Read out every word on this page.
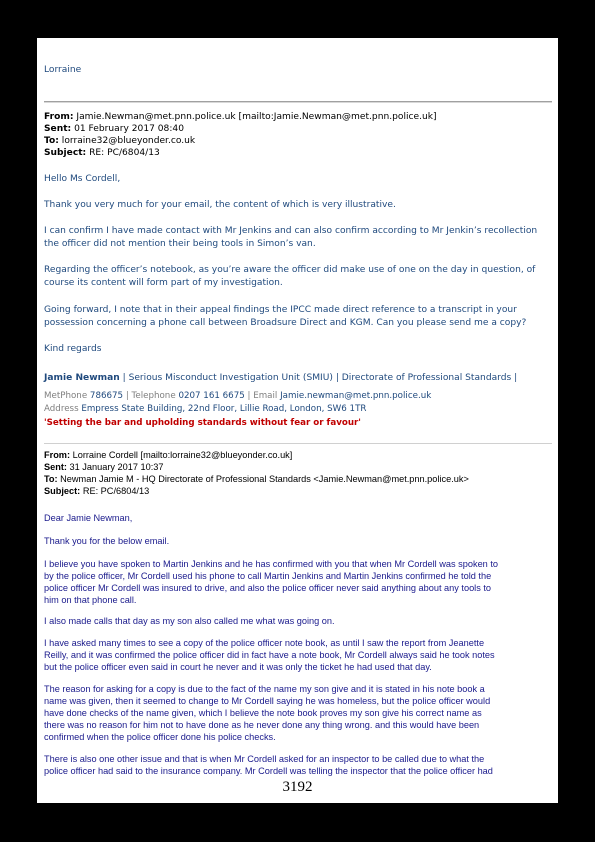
Lorraine
From: Jamie.Newman@met.pnn.police.uk [mailto:Jamie.Newman@met.pnn.police.uk]
Sent: 01 February 2017 08:40
To: lorraine32@blueyonder.co.uk
Subject: RE: PC/6804/13
Hello Ms Cordell,
Thank you very much for your email, the content of which is very illustrative.
I can confirm I have made contact with Mr Jenkins and can also confirm according to Mr Jenkin’s recollection
the officer did not mention their being tools in Simon’s van.
Regarding the officer’s notebook, as you’re aware the officer did make use of one on the day in question, of
course its content will form part of my investigation.
Going forward, I note that in their appeal findings the IPCC made direct reference to a transcript in your
possession concerning a phone call between Broadsure Direct and KGM. Can you please send me a copy?
Kind regards
Jamie Newman | Serious Misconduct Investigation Unit (SMIU) | Directorate of Professional Standards |
MetPhone 786675 | Telephone 0207 161 6675 | Email Jamie.newman@met.pnn.police.uk
Address Empress State Building, 22nd Floor, Lillie Road, London, SW6 1TR
'Setting the bar and upholding standards without fear or favour'
From: Lorraine Cordell [mailto:lorraine32@blueyonder.co.uk]
Sent: 31 January 2017 10:37
To: Newman Jamie M - HQ Directorate of Professional Standards <Jamie.Newman@met.pnn.police.uk>
Subject: RE: PC/6804/13
Dear Jamie Newman,
Thank you for the below email.
I believe you have spoken to Martin Jenkins and he has confirmed with you that when Mr Cordell was spoken to
by the police officer, Mr Cordell used his phone to call Martin Jenkins and Martin Jenkins confirmed he told the
police officer Mr Cordell was insured to drive, and also the police officer never said anything about any tools to
him on that phone call.
I also made calls that day as my son also called me what was going on.
I have asked many times to see a copy of the police officer note book, as until I saw the report from Jeanette
Reilly, and it was confirmed the police officer did in fact have a note book, Mr Cordell always said he took notes
but the police officer even said in court he never and it was only the ticket he had used that day.
The reason for asking for a copy is due to the fact of the name my son give and it is stated in his note book a
name was given, then it seemed to change to Mr Cordell saying he was homeless, but the police officer would
have done checks of the name given, which I believe the note book proves my son give his correct name as
there was no reason for him not to have done as he never done any thing wrong. and this would have been
confirmed when the police officer done his police checks.
There is also one other issue and that is when Mr Cordell asked for an inspector to be called due to what the
police officer had said to the insurance company. Mr Cordell was telling the inspector that the police officer had
3192
